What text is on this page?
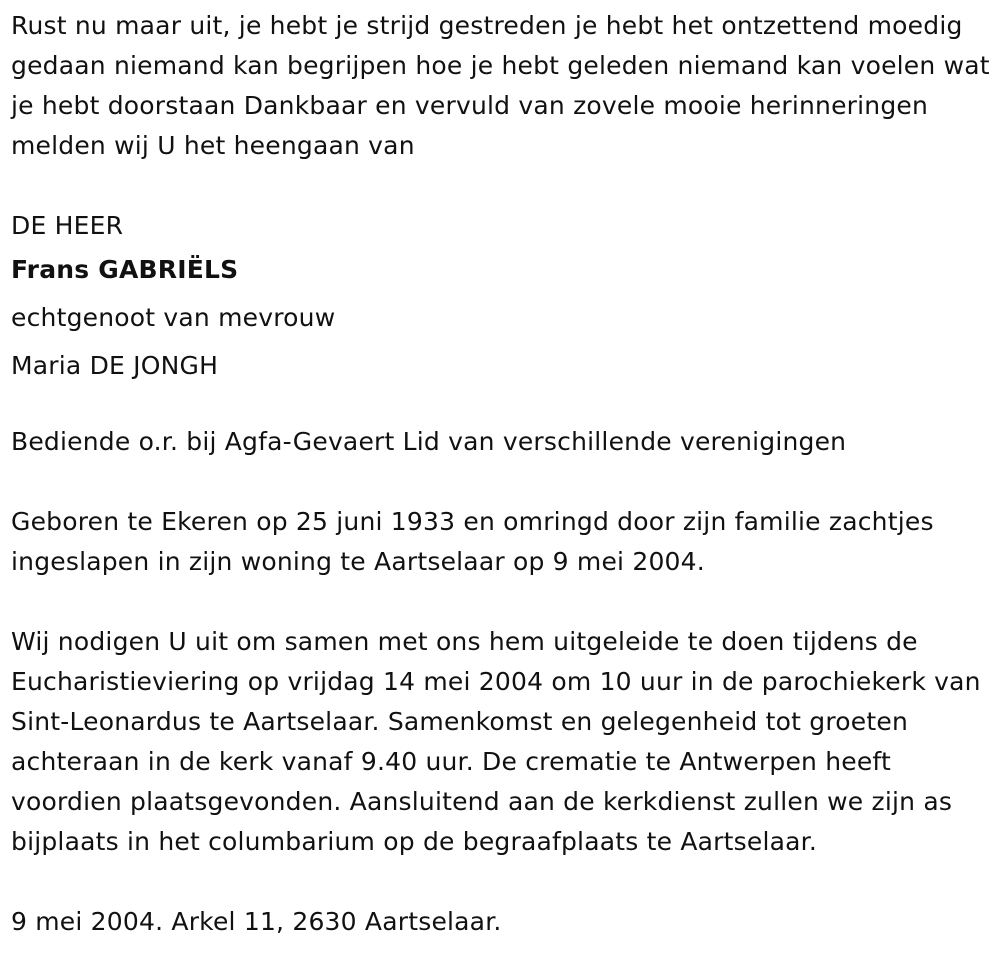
Rust nu maar uit, je hebt je strijd gestreden je hebt het ontzettend moedig gedaan niemand kan begrijpen hoe je hebt geleden niemand kan voelen wat je hebt doorstaan Dankbaar en vervuld van zovele mooie herinneringen melden wij U het heengaan van

DE HEER

Frans GABRIËLS

echtgenoot van mevrouw

Maria DE JONGH

Bediende o.r. bij Agfa-Gevaert Lid van verschillende verenigingen

Geboren te Ekeren op 25 juni 1933 en omringd door zijn familie zachtjes ingeslapen in zijn woning te Aartselaar op 9 mei 2004.

Wij nodigen U uit om samen met ons hem uitgeleide te doen tijdens de Eucharistieviering op vrijdag 14 mei 2004 om 10 uur in de parochiekerk van Sint-Leonardus te Aartselaar. Samenkomst en gelegenheid tot groeten achteraan in de kerk vanaf 9.40 uur. De crematie te Antwerpen heeft voordien plaatsgevonden. Aansluitend aan de kerkdienst zullen we zijn as bijplaats in het columbarium op de begraafplaats te Aartselaar.

9 mei 2004. Arkel 11, 2630 Aartselaar.
